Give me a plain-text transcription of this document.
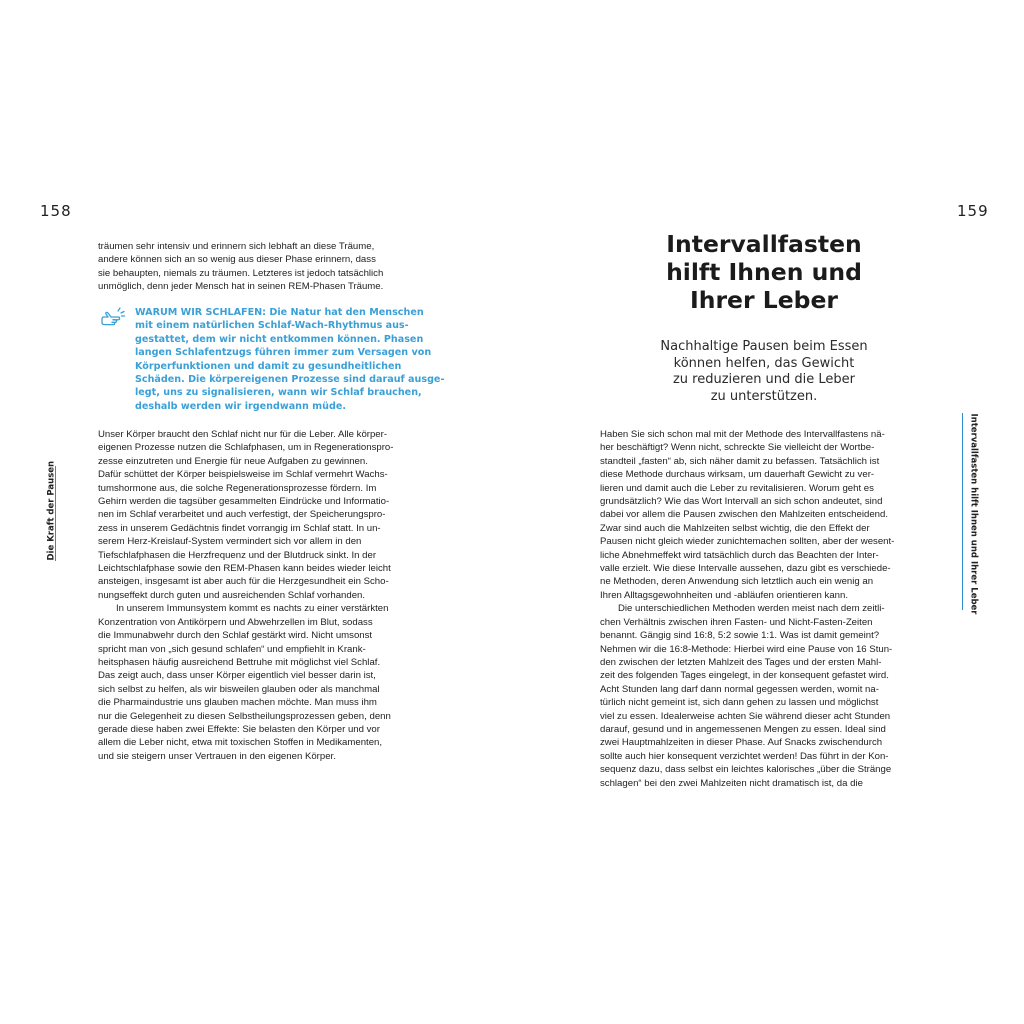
158	159
Die Kraft der Pausen	Intervallfasten hilft Ihnen und Ihrer Leber
träumen sehr intensiv und erinnern sich lebhaft an diese Träume,
andere können sich an so wenig aus dieser Phase erinnern, dass
sie behaupten, niemals zu träumen. Letzteres ist jedoch tatsächlich
unmöglich, denn jeder Mensch hat in seinen REM-Phasen Träume.
WARUM WIR SCHLAFEN: Die Natur hat den Menschen
mit einem natürlichen Schlaf-Wach-Rhythmus aus-
gestattet, dem wir nicht entkommen können. Phasen
langen Schlafentzugs führen immer zum Versagen von
Körperfunktionen und damit zu gesundheitlichen
Schäden. Die körpereigenen Prozesse sind darauf ausge-
legt, uns zu signalisieren, wann wir Schlaf brauchen,
deshalb werden wir irgendwann müde.
Unser Körper braucht den Schlaf nicht nur für die Leber. Alle körper-
eigenen Prozesse nutzen die Schlafphasen, um in Regenerationspro-
zesse einzutreten und Energie für neue Aufgaben zu gewinnen.
Dafür schüttet der Körper beispielsweise im Schlaf vermehrt Wachs-
tumshormone aus, die solche Regenerationsprozesse fördern. Im
Gehirn werden die tagsüber gesammelten Eindrücke und Informatio-
nen im Schlaf verarbeitet und auch verfestigt, der Speicherungspro-
zess in unserem Gedächtnis findet vorrangig im Schlaf statt. In un-
serem Herz-Kreislauf-System vermindert sich vor allem in den
Tiefschlafphasen die Herzfrequenz und der Blutdruck sinkt. In der
Leichtschlafphase sowie den REM-Phasen kann beides wieder leicht
ansteigen, insgesamt ist aber auch für die Herzgesundheit ein Scho-
nungseffekt durch guten und ausreichenden Schlaf vorhanden.
In unserem Immunsystem kommt es nachts zu einer verstärkten
Konzentration von Antikörpern und Abwehrzellen im Blut, sodass
die Immunabwehr durch den Schlaf gestärkt wird. Nicht umsonst
spricht man von „sich gesund schlafen“ und empfiehlt in Krank-
heitsphasen häufig ausreichend Bettruhe mit möglichst viel Schlaf.
Das zeigt auch, dass unser Körper eigentlich viel besser darin ist,
sich selbst zu helfen, als wir bisweilen glauben oder als manchmal
die Pharmaindustrie uns glauben machen möchte. Man muss ihm
nur die Gelegenheit zu diesen Selbstheilungsprozessen geben, denn
gerade diese haben zwei Effekte: Sie belasten den Körper und vor
allem die Leber nicht, etwa mit toxischen Stoffen in Medikamenten,
und sie steigern unser Vertrauen in den eigenen Körper.
Intervallfasten
hilft Ihnen und
Ihrer Leber
Nachhaltige Pausen beim Essen
können helfen, das Gewicht
zu reduzieren und die Leber
zu unterstützen.
Haben Sie sich schon mal mit der Methode des Intervallfastens nä-
her beschäftigt? Wenn nicht, schreckte Sie vielleicht der Wortbe-
standteil „fasten“ ab, sich näher damit zu befassen. Tatsächlich ist
diese Methode durchaus wirksam, um dauerhaft Gewicht zu ver-
lieren und damit auch die Leber zu revitalisieren. Worum geht es
grundsätzlich? Wie das Wort Intervall an sich schon andeutet, sind
dabei vor allem die Pausen zwischen den Mahlzeiten entscheidend.
Zwar sind auch die Mahlzeiten selbst wichtig, die den Effekt der
Pausen nicht gleich wieder zunichtemachen sollten, aber der wesent-
liche Abnehmeffekt wird tatsächlich durch das Beachten der Inter-
valle erzielt. Wie diese Intervalle aussehen, dazu gibt es verschiede-
ne Methoden, deren Anwendung sich letztlich auch ein wenig an
Ihren Alltagsgewohnheiten und -abläufen orientieren kann.
Die unterschiedlichen Methoden werden meist nach dem zeitli-
chen Verhältnis zwischen ihren Fasten- und Nicht-Fasten-Zeiten
benannt. Gängig sind 16:8, 5:2 sowie 1:1. Was ist damit gemeint?
Nehmen wir die 16:8-Methode: Hierbei wird eine Pause von 16 Stun-
den zwischen der letzten Mahlzeit des Tages und der ersten Mahl-
zeit des folgenden Tages eingelegt, in der konsequent gefastet wird.
Acht Stunden lang darf dann normal gegessen werden, womit na-
türlich nicht gemeint ist, sich dann gehen zu lassen und möglichst
viel zu essen. Idealerweise achten Sie während dieser acht Stunden
darauf, gesund und in angemessenen Mengen zu essen. Ideal sind
zwei Hauptmahlzeiten in dieser Phase. Auf Snacks zwischendurch
sollte auch hier konsequent verzichtet werden! Das führt in der Kon-
sequenz dazu, dass selbst ein leichtes kalorisches „über die Stränge
schlagen“ bei den zwei Mahlzeiten nicht dramatisch ist, da die
